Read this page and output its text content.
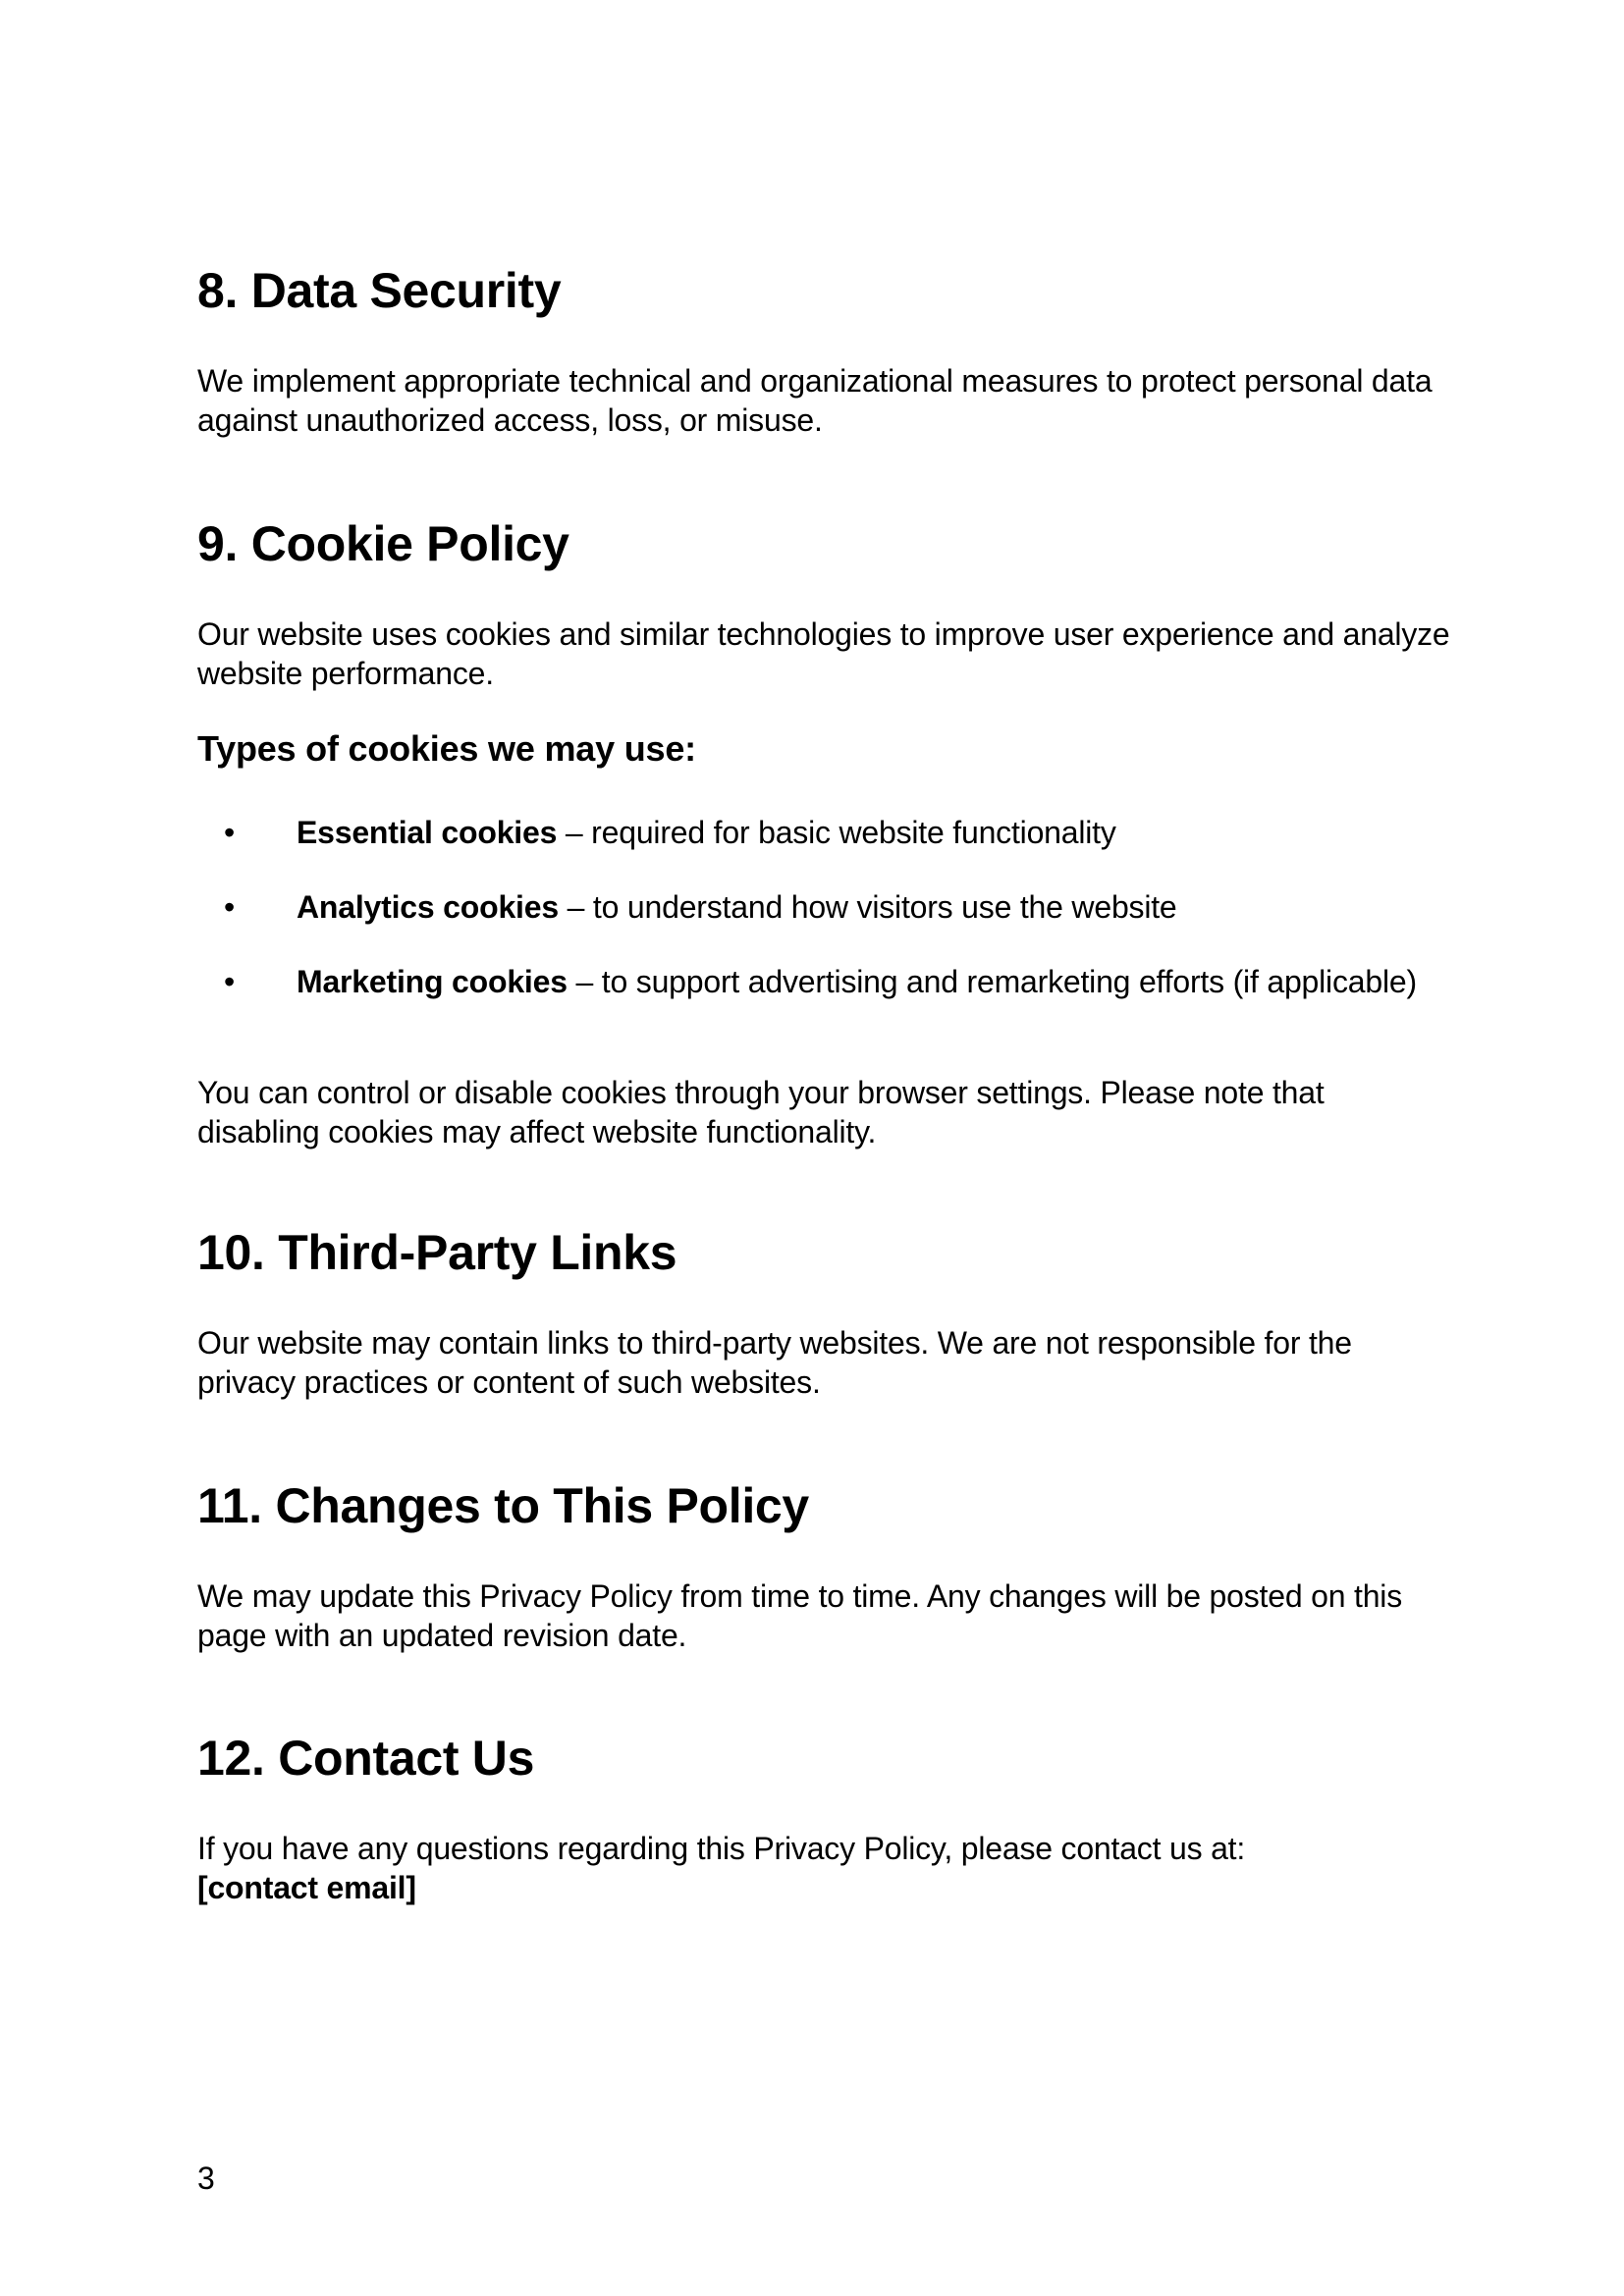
8. Data Security

We implement appropriate technical and organizational measures to protect personal data against unauthorized access, loss, or misuse.

9. Cookie Policy

Our website uses cookies and similar technologies to improve user experience and analyze website performance.

Types of cookies we may use:
• Essential cookies – required for basic website functionality
• Analytics cookies – to understand how visitors use the website
• Marketing cookies – to support advertising and remarketing efforts (if applicable)

You can control or disable cookies through your browser settings. Please note that disabling cookies may affect website functionality.

10. Third-Party Links

Our website may contain links to third-party websites. We are not responsible for the privacy practices or content of such websites.

11. Changes to This Policy

We may update this Privacy Policy from time to time. Any changes will be posted on this page with an updated revision date.

12. Contact Us

If you have any questions regarding this Privacy Policy, please contact us at:

[contact email]

3
